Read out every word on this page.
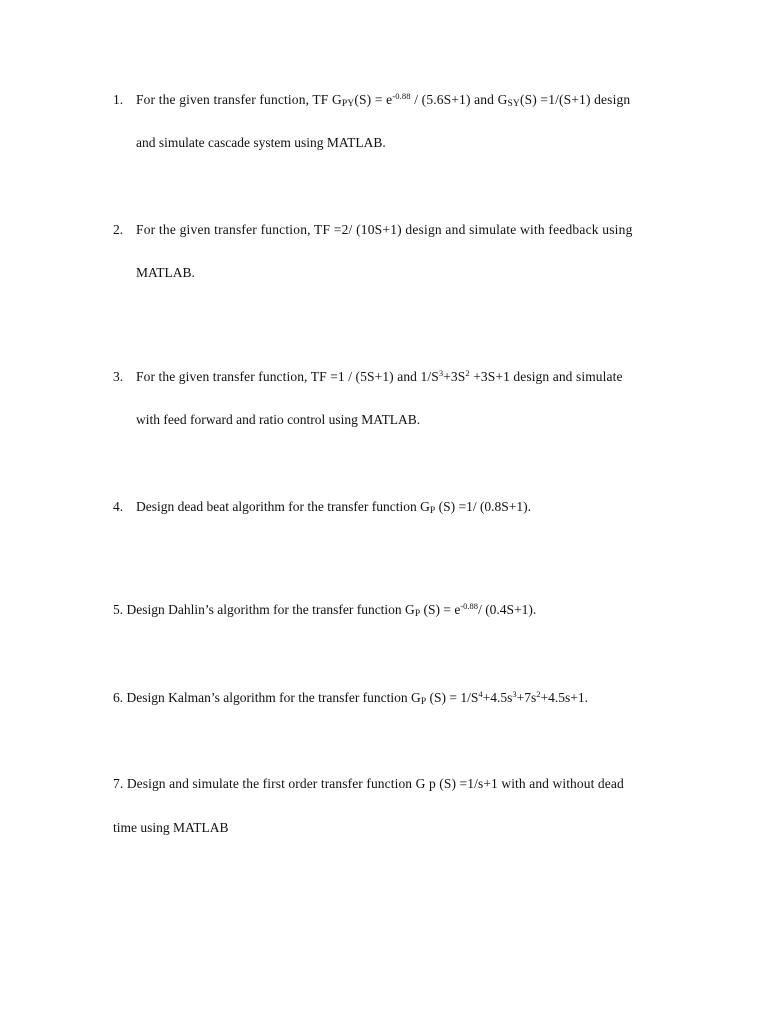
1. For the given transfer function, TF $G_{PY}(S) = e^{-0.88} / (5.6S+1)$ and $G_{SY}(S) =1/(S+1)$ design
and simulate cascade system using MATLAB.
2. For the given transfer function, TF =2/ (10S+1) design and simulate with feedback using
MATLAB.
3. For the given transfer function, TF =1 / (5S+1) and $1/S^3+3S^2 +3S+1$ design and simulate
with feed forward and ratio control using MATLAB.
4. Design dead beat algorithm for the transfer function $G_P$ (S) =1/ (0.8S+1).
5. Design Dahlin’s algorithm for the transfer function $G_P$ $(S) = e^{-0.88}/$ (0.4S+1).
6. Design Kalman’s algorithm for the transfer function $G_P$ $(S) = 1/S^4+4.5s^3+7s^2+4.5s+1$.
7. Design and simulate the first order transfer function G p (S) =1/s+1 with and without dead
time using MATLAB
